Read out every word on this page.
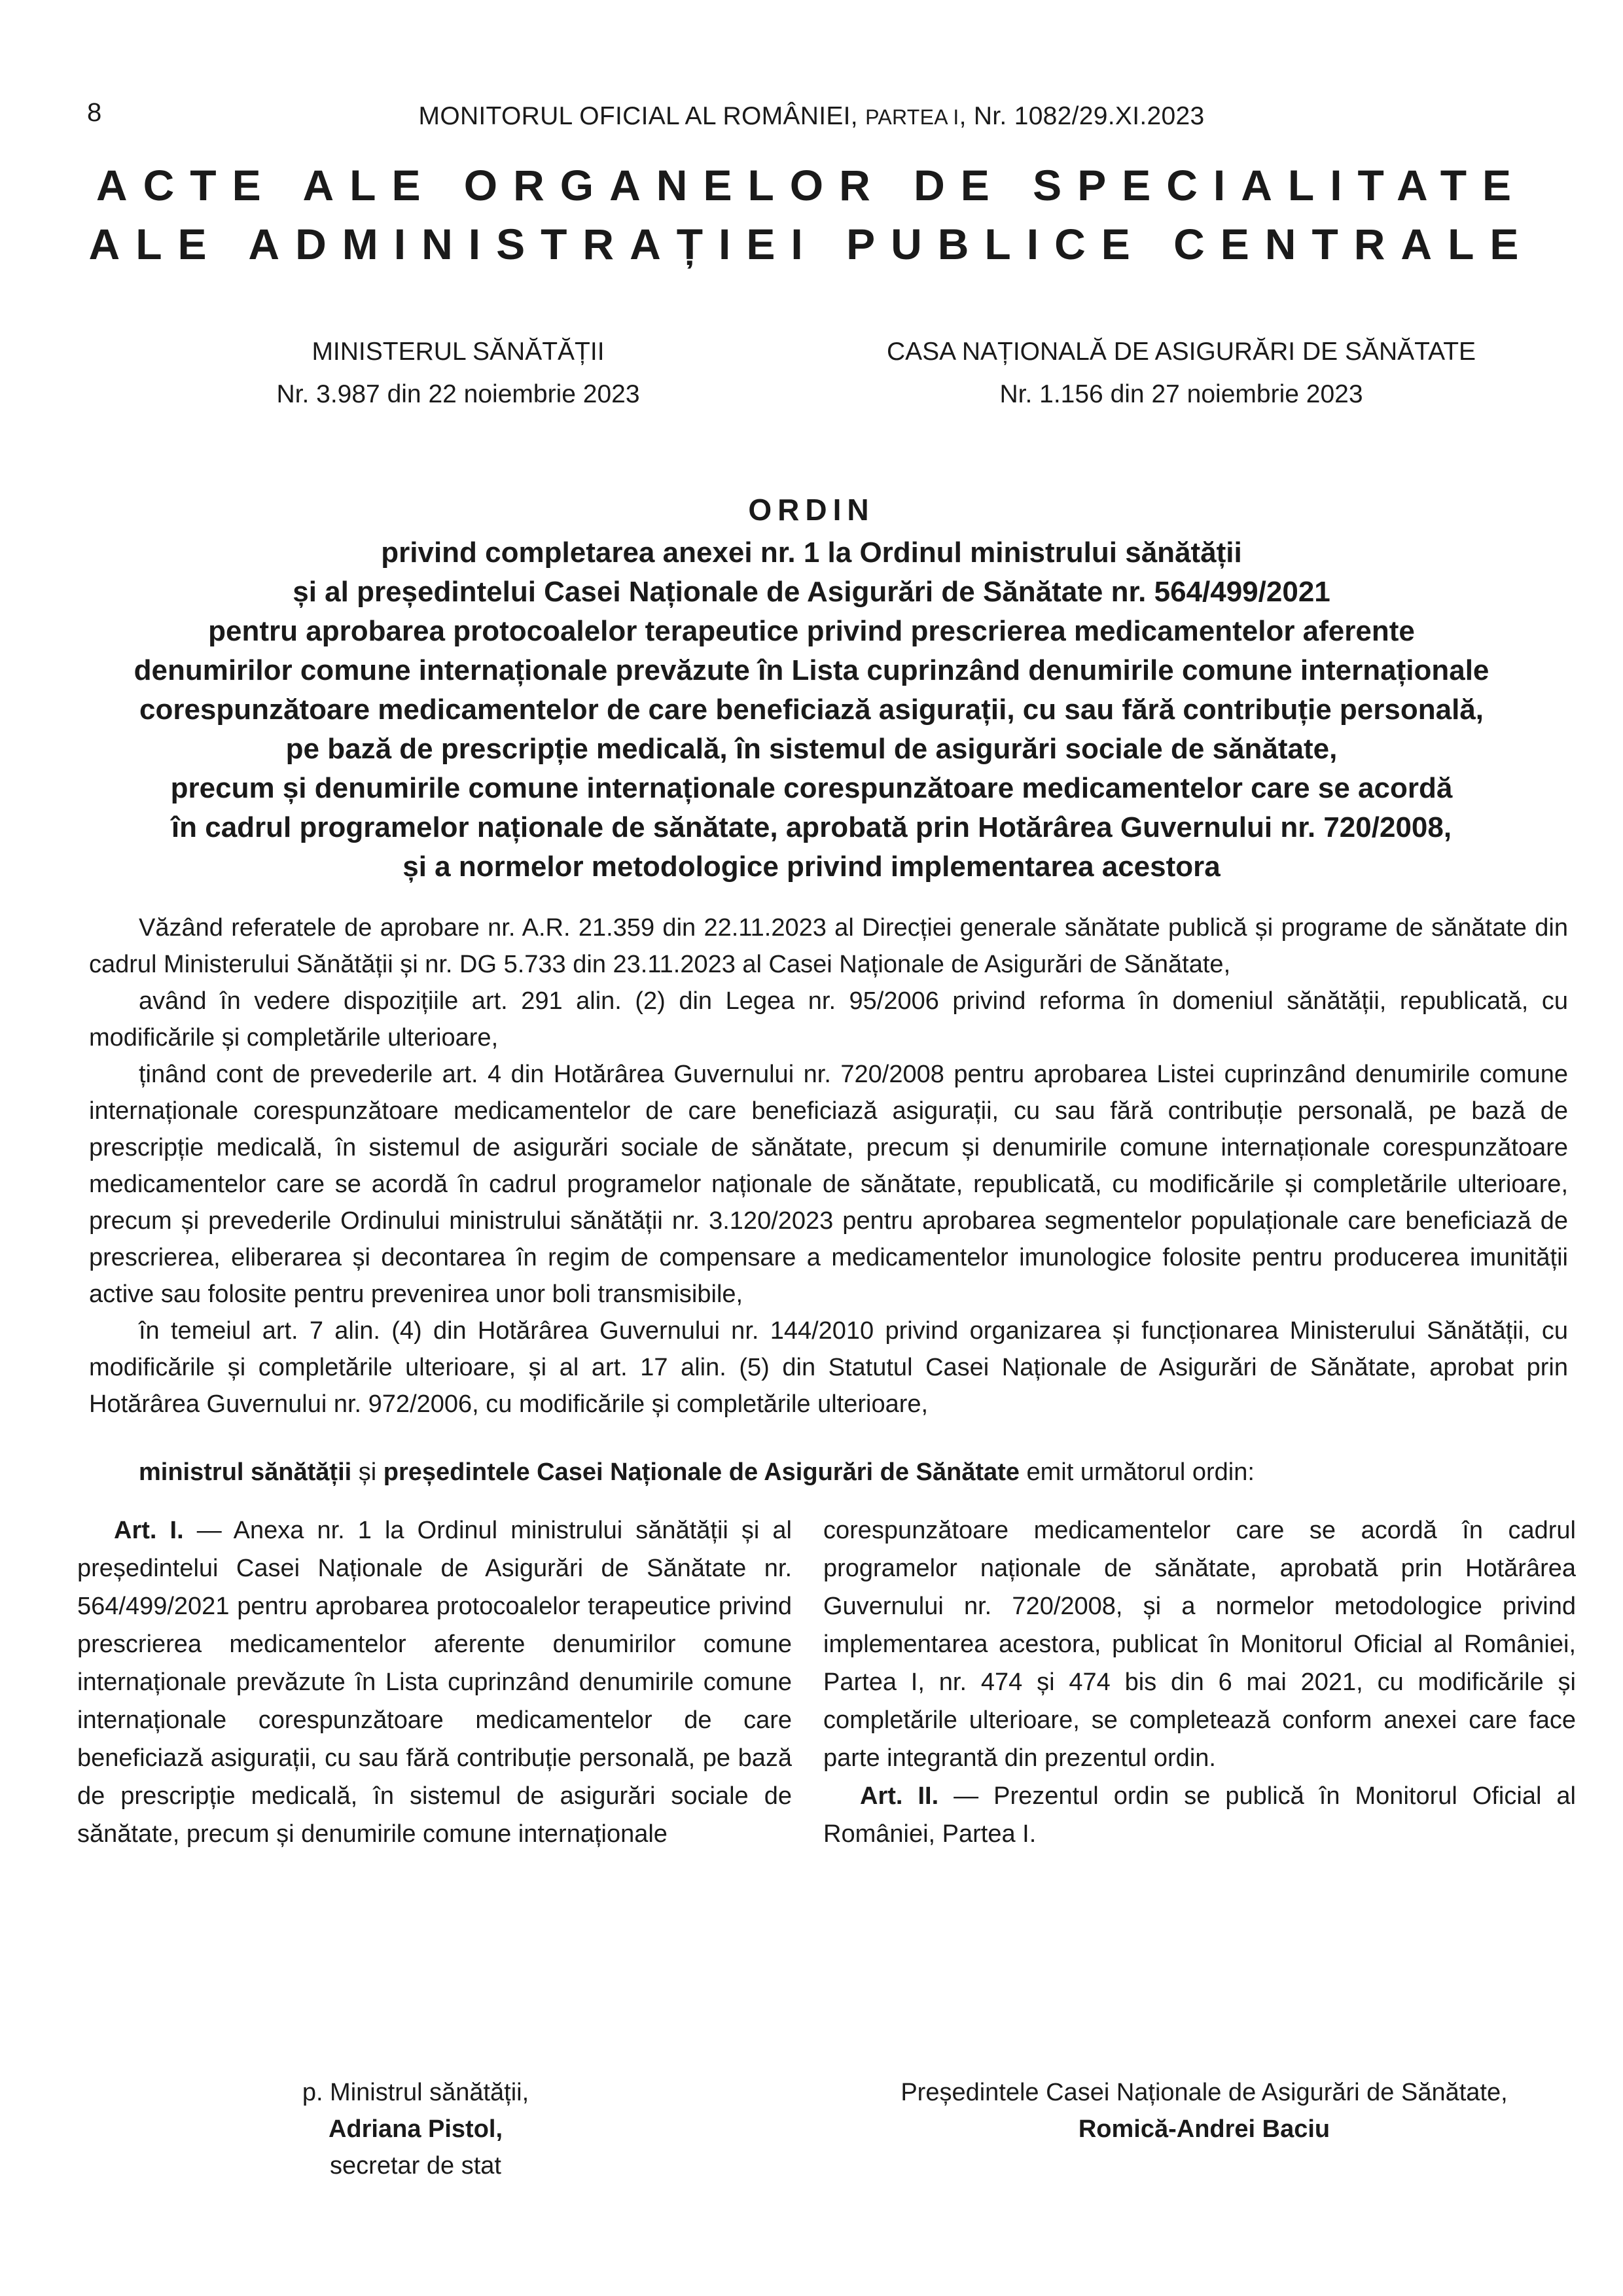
8	MONITORUL OFICIAL AL ROMÂNIEI, PARTEA I, Nr. 1082/29.XI.2023
ACTE ALE ORGANELOR DE SPECIALITATE
ALE ADMINISTRAȚIEI PUBLICE CENTRALE
MINISTERUL SĂNĂTĂȚII
Nr. 3.987 din 22 noiembrie 2023
CASA NAȚIONALĂ DE ASIGURĂRI DE SĂNĂTATE
Nr. 1.156 din 27 noiembrie 2023
ORDIN
privind completarea anexei nr. 1 la Ordinul ministrului sănătății
și al președintelui Casei Naționale de Asigurări de Sănătate nr. 564/499/2021
pentru aprobarea protocoalelor terapeutice privind prescrierea medicamentelor aferente
denumirilor comune internaționale prevăzute în Lista cuprinzând denumirile comune internaționale
corespunzătoare medicamentelor de care beneficiază asigurații, cu sau fără contribuție personală,
pe bază de prescripție medicală, în sistemul de asigurări sociale de sănătate,
precum și denumirile comune internaționale corespunzătoare medicamentelor care se acordă
în cadrul programelor naționale de sănătate, aprobată prin Hotărârea Guvernului nr. 720/2008,
și a normelor metodologice privind implementarea acestora

Văzând referatele de aprobare nr. A.R. 21.359 din 22.11.2023 al Direcției generale sănătate publică și programe de sănătate din cadrul Ministerului Sănătății și nr. DG 5.733 din 23.11.2023 al Casei Naționale de Asigurări de Sănătate,

având în vedere dispozițiile art. 291 alin. (2) din Legea nr. 95/2006 privind reforma în domeniul sănătății, republicată, cu modificările și completările ulterioare,

ținând cont de prevederile art. 4 din Hotărârea Guvernului nr. 720/2008 pentru aprobarea Listei cuprinzând denumirile comune internaționale corespunzătoare medicamentelor de care beneficiază asigurații, cu sau fără contribuție personală, pe bază de prescripție medicală, în sistemul de asigurări sociale de sănătate, precum și denumirile comune internaționale corespunzătoare medicamentelor care se acordă în cadrul programelor naționale de sănătate, republicată, cu modificările și completările ulterioare, precum și prevederile Ordinului ministrului sănătății nr. 3.120/2023 pentru aprobarea segmentelor populaționale care beneficiază de prescrierea, eliberarea și decontarea în regim de compensare a medicamentelor imunologice folosite pentru producerea imunității active sau folosite pentru prevenirea unor boli transmisibile,

în temeiul art. 7 alin. (4) din Hotărârea Guvernului nr. 144/2010 privind organizarea și funcționarea Ministerului Sănătății, cu modificările și completările ulterioare, și al art. 17 alin. (5) din Statutul Casei Naționale de Asigurări de Sănătate, aprobat prin Hotărârea Guvernului nr. 972/2006, cu modificările și completările ulterioare,

ministrul sănătății și președintele Casei Naționale de Asigurări de Sănătate emit următorul ordin:

Art. I. — Anexa nr. 1 la Ordinul ministrului sănătății și al președintelui Casei Naționale de Asigurări de Sănătate nr. 564/499/2021 pentru aprobarea protocoalelor terapeutice privind prescrierea medicamentelor aferente denumirilor comune internaționale prevăzute în Lista cuprinzând denumirile comune internaționale corespunzătoare medicamentelor de care beneficiază asigurații, cu sau fără contribuție personală, pe bază de prescripție medicală, în sistemul de asigurări sociale de sănătate, precum și denumirile comune internaționale

corespunzătoare medicamentelor care se acordă în cadrul programelor naționale de sănătate, aprobată prin Hotărârea Guvernului nr. 720/2008, și a normelor metodologice privind implementarea acestora, publicat în Monitorul Oficial al României, Partea I, nr. 474 și 474 bis din 6 mai 2021, cu modificările și completările ulterioare, se completează conform anexei care face parte integrantă din prezentul ordin.

Art. II. — Prezentul ordin se publică în Monitorul Oficial al României, Partea I.

p. Ministrul sănătății,
Adriana Pistol,
secretar de stat
Președintele Casei Naționale de Asigurări de Sănătate,
Romică-Andrei Baciu
